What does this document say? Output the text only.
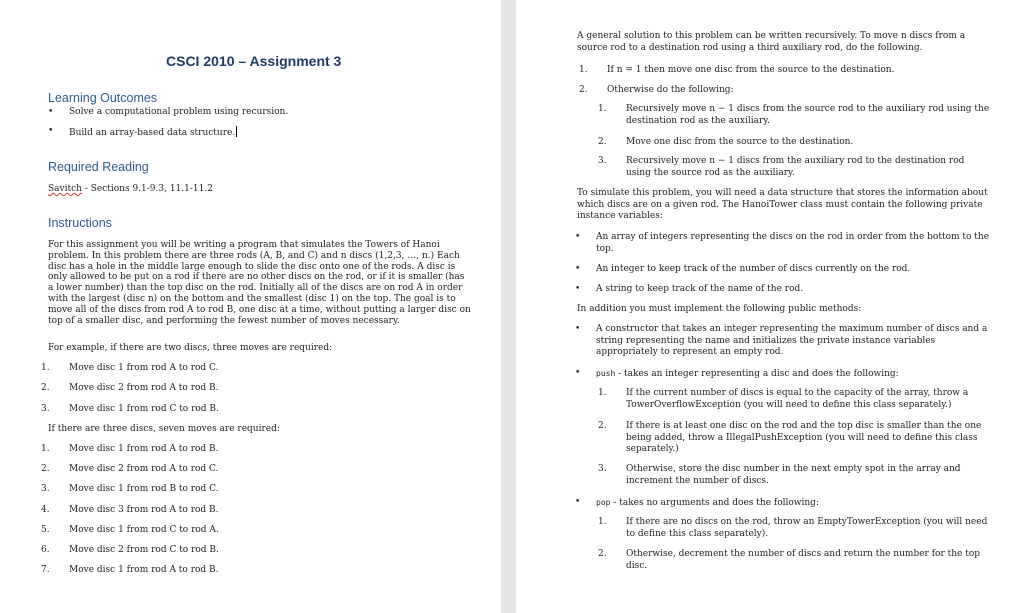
CSCI 2010 – Assignment 3
Learning Outcomes
• Solve a computational problem using recursion.
• Build an array-based data structure.
Required Reading
Savitch - Sections 9.1-9.3, 11.1-11.2
Instructions
For this assignment you will be writing a program that simulates the Towers of Hanoi
problem. In this problem there are three rods (A, B, and C) and n discs (1,2,3, …, n.) Each
disc has a hole in the middle large enough to slide the disc onto one of the rods. A disc is
only allowed to be put on a rod if there are no other discs on the rod, or if it is smaller (has
a lower number) than the top disc on the rod. Initially all of the discs are on rod A in order
with the largest (disc n) on the bottom and the smallest (disc 1) on the top. The goal is to
move all of the discs from rod A to rod B, one disc at a time, without putting a larger disc on
top of a smaller disc, and performing the fewest number of moves necessary.
For example, if there are two discs, three moves are required:
1.	Move disc 1 from rod A to rod C.
2.	Move disc 2 from rod A to rod B.
3.	Move disc 1 from rod C to rod B.
If there are three discs, seven moves are required:
1.	Move disc 1 from rod A to rod B.
2.	Move disc 2 from rod A to rod C.
3.	Move disc 1 from rod B to rod C.
4.	Move disc 3 from rod A to rod B.
5.	Move disc 1 from rod C to rod A.
6.	Move disc 2 from rod C to rod B.
7.	Move disc 1 from rod A to rod B.
A general solution to this problem can be written recursively. To move n discs from a
source rod to a destination rod using a third auxiliary rod, do the following.
1.	If n = 1 then move one disc from the source to the destination.
2.	Otherwise do the following:
1.	Recursively move n − 1 discs from the source rod to the auxiliary rod using the
destination rod as the auxiliary.
2.	Move one disc from the source to the destination.
3.	Recursively move n − 1 discs from the auxiliary rod to the destination rod
using the source rod as the auxiliary.
To simulate this problem, you will need a data structure that stores the information about
which discs are on a given rod. The HanoiTower class must contain the following private
instance variables:
• An array of integers representing the discs on the rod in order from the bottom to the
top.
• An integer to keep track of the number of discs currently on the rod.
• A string to keep track of the name of the rod.
In addition you must implement the following public methods:
• A constructor that takes an integer representing the maximum number of discs and a
string representing the name and initializes the private instance variables
appropriately to represent an empty rod.
• push - takes an integer representing a disc and does the following:
1.	If the current number of discs is equal to the capacity of the array, throw a
TowerOverflowException (you will need to define this class separately.)
2.	If there is at least one disc on the rod and the top disc is smaller than the one
being added, throw a IllegalPushException (you will need to define this class
separately.)
3.	Otherwise, store the disc number in the next empty spot in the array and
increment the number of discs.
• pop - takes no arguments and does the following:
1.	If there are no discs on the rod, throw an EmptyTowerException (you will need
to define this class separately).
2.	Otherwise, decrement the number of discs and return the number for the top
disc.
